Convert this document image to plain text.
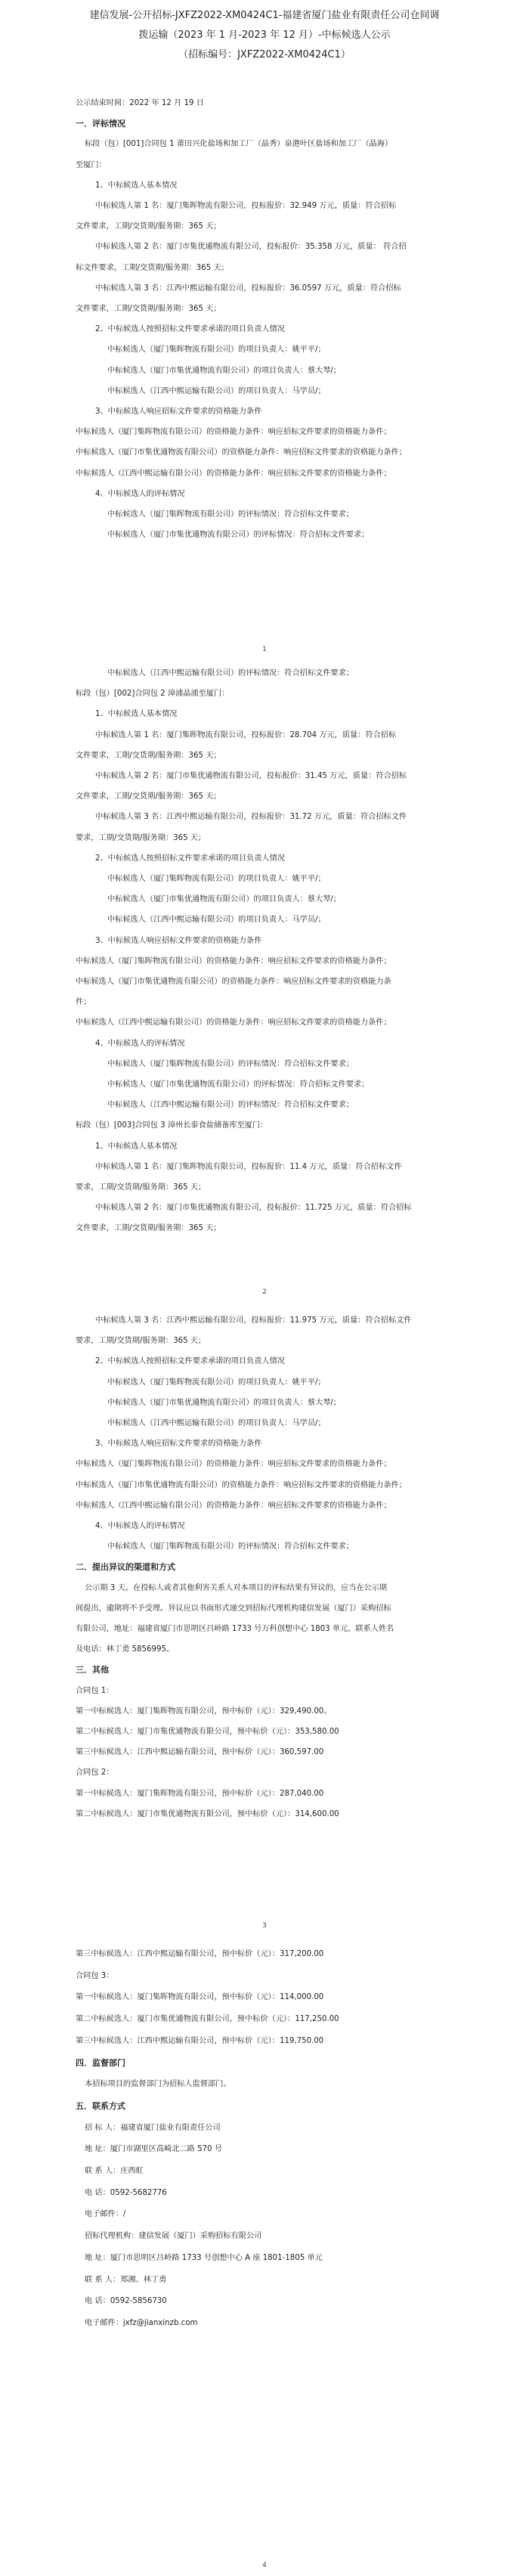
建信发展-公开招标-JXFZ2022-XM0424C1-福建省厦门盐业有限责任公司仓间调
拨运输（2023 年 1 月-2023 年 12 月）-中标候选人公示
（招标编号：JXFZ2022-XM0424C1）
公示结束时间：2022 年 12 月 19 日
一．评标情况
标段（包）[001]合同包 1 莆田兴化盐场和加工厂（晶秀）泉港叶区盐场和加工厂（晶海）
至厦门：
1、中标候选人基本情况
中标候选人第 1 名：厦门集晖物流有限公司，投标报价：32.949 万元，质量：符合招标
文件要求，工期/交货期/服务期：365 天；
中标候选人第 2 名：厦门市集优通物流有限公司，投标报价：35.358 万元，质量： 符合招
标文件要求，工期/交货期/服务期：365 天；
中标候选人第 3 名：江西中熙运输有限公司，投标报价：36.0597 万元，质量：符合招标
文件要求，工期/交货期/服务期：365 天；
2、中标候选人按照招标文件要求承诺的项目负责人情况
中标候选人（厦门集晖物流有限公司）的项目负责人：姚平平/；
中标候选人（厦门市集优通物流有限公司）的项目负责人：蔡大琴/；
中标候选人（江西中熙运输有限公司）的项目负责人：马学员/；
3、中标候选人响应招标文件要求的资格能力条件
中标候选人（厦门集晖物流有限公司）的资格能力条件：响应招标文件要求的资格能力条件；
中标候选人（厦门市集优通物流有限公司）的资格能力条件：响应招标文件要求的资格能力条件；
中标候选人（江西中熙运输有限公司）的资格能力条件：响应招标文件要求的资格能力条件；
4、中标候选人的评标情况
中标候选人（厦门集晖物流有限公司）的评标情况：符合招标文件要求；
中标候选人（厦门市集优通物流有限公司）的评标情况：符合招标文件要求；
1
中标候选人（江西中熙运输有限公司）的评标情况：符合招标文件要求；
标段（包）[002]合同包 2 漳浦晶浦至厦门：
1、中标候选人基本情况
中标候选人第 1 名：厦门集晖物流有限公司，投标报价：28.704 万元，质量：符合招标
文件要求，工期/交货期/服务期：365 天；
中标候选人第 2 名：厦门市集优通物流有限公司，投标报价：31.45 万元，质量：符合招标
文件要求，工期/交货期/服务期：365 天；
中标候选人第 3 名：江西中熙运输有限公司，投标报价：31.72 万元，质量：符合招标文件
要求，工期/交货期/服务期：365 天；
2、中标候选人按照招标文件要求承诺的项目负责人情况
中标候选人（厦门集晖物流有限公司）的项目负责人：姚平平/；
中标候选人（厦门市集优通物流有限公司）的项目负责人：蔡大琴/；
中标候选人（江西中熙运输有限公司）的项目负责人：马学员/；
3、中标候选人响应招标文件要求的资格能力条件
中标候选人（厦门集晖物流有限公司）的资格能力条件：响应招标文件要求的资格能力条件；
中标候选人（厦门市集优通物流有限公司）的资格能力条件：响应招标文件要求的资格能力条
件；
中标候选人（江西中熙运输有限公司）的资格能力条件：响应招标文件要求的资格能力条件；
4、中标候选人的评标情况
中标候选人（厦门集晖物流有限公司）的评标情况：符合招标文件要求；
中标候选人（厦门市集优通物流有限公司）的评标情况：符合招标文件要求；
中标候选人（江西中熙运输有限公司）的评标情况：符合招标文件要求；
标段（包）[003]合同包 3 漳州长泰食盐储备库至厦门：
1、中标候选人基本情况
中标候选人第 1 名：厦门集晖物流有限公司，投标报价：11.4 万元，质量：符合招标文件
要求，工期/交货期/服务期：365 天；
中标候选人第 2 名：厦门市集优通物流有限公司，投标报价：11.725 万元，质量：符合招标
文件要求，工期/交货期/服务期：365 天；
2
中标候选人第 3 名：江西中熙运输有限公司，投标报价：11.975 万元，质量：符合招标文件
要求，工期/交货期/服务期：365 天；
2、中标候选人按照招标文件要求承诺的项目负责人情况
中标候选人（厦门集晖物流有限公司）的项目负责人：姚平平/；
中标候选人（厦门市集优通物流有限公司）的项目负责人：蔡大琴/；
中标候选人（江西中熙运输有限公司）的项目负责人：马学员/；
3、中标候选人响应招标文件要求的资格能力条件
中标候选人（厦门集晖物流有限公司）的资格能力条件：响应招标文件要求的资格能力条件；
中标候选人（厦门市集优通物流有限公司）的资格能力条件：响应招标文件要求的资格能力条件；
中标候选人（江西中熙运输有限公司）的资格能力条件：响应招标文件要求的资格能力条件；
4、中标候选人的评标情况
中标候选人（厦门集晖物流有限公司）的评标情况：符合招标文件要求；
二．提出异议的渠道和方式
公示期 3 天。在投标人或者其他利害关系人对本项目的评标结果有异议的，应当在公示期
间提出，逾期将不予受理。异议应以书面形式递交到招标代理机构建信发展（厦门）采购招标
有限公司，地址：福建省厦门市思明区吕岭路 1733 号万科创想中心 1803 单元，联系人姓名
及电话：林丁勇 5856995。
三．其他
合同包 1：
第一中标候选人：厦门集晖物流有限公司，预中标价（元）：329,490.00。
第二中标候选人：厦门市集优通物流有限公司，预中标价（元）：353,580.00
第三中标候选人：江西中熙运输有限公司，预中标价（元）：360,597.00
合同包 2：
第一中标候选人：厦门集晖物流有限公司，预中标价（元）：287,040.00
第二中标候选人：厦门市集优通物流有限公司，预中标价（元）：314,600.00
3
第三中标候选人：江西中熙运输有限公司，预中标价（元）：317,200.00
合同包 3：
第一中标候选人：厦门集晖物流有限公司，预中标价（元）：114,000.00
第二中标候选人：厦门市集优通物流有限公司，预中标价（元）：117,250.00
第三中标候选人：江西中熙运输有限公司，预中标价（元）：119,750.00
四．监督部门
本招标项目的监督部门为招标人监督部门。
五．联系方式
招 标 人：福建省厦门盐业有限责任公司
地 址：厦门市湖里区高崎北二路 570 号
联 系 人：庄西虹
电 话：0592-5682776
电子邮件：/
招标代理机构：建信发展（厦门）采购招标有限公司
地 址：厦门市思明区吕岭路 1733 号创想中心 A 座 1801-1805 单元
联 系 人：郑湘、林丁勇
电 话：0592-5856730
电子邮件：jxfz@jianxinzb.com
4
